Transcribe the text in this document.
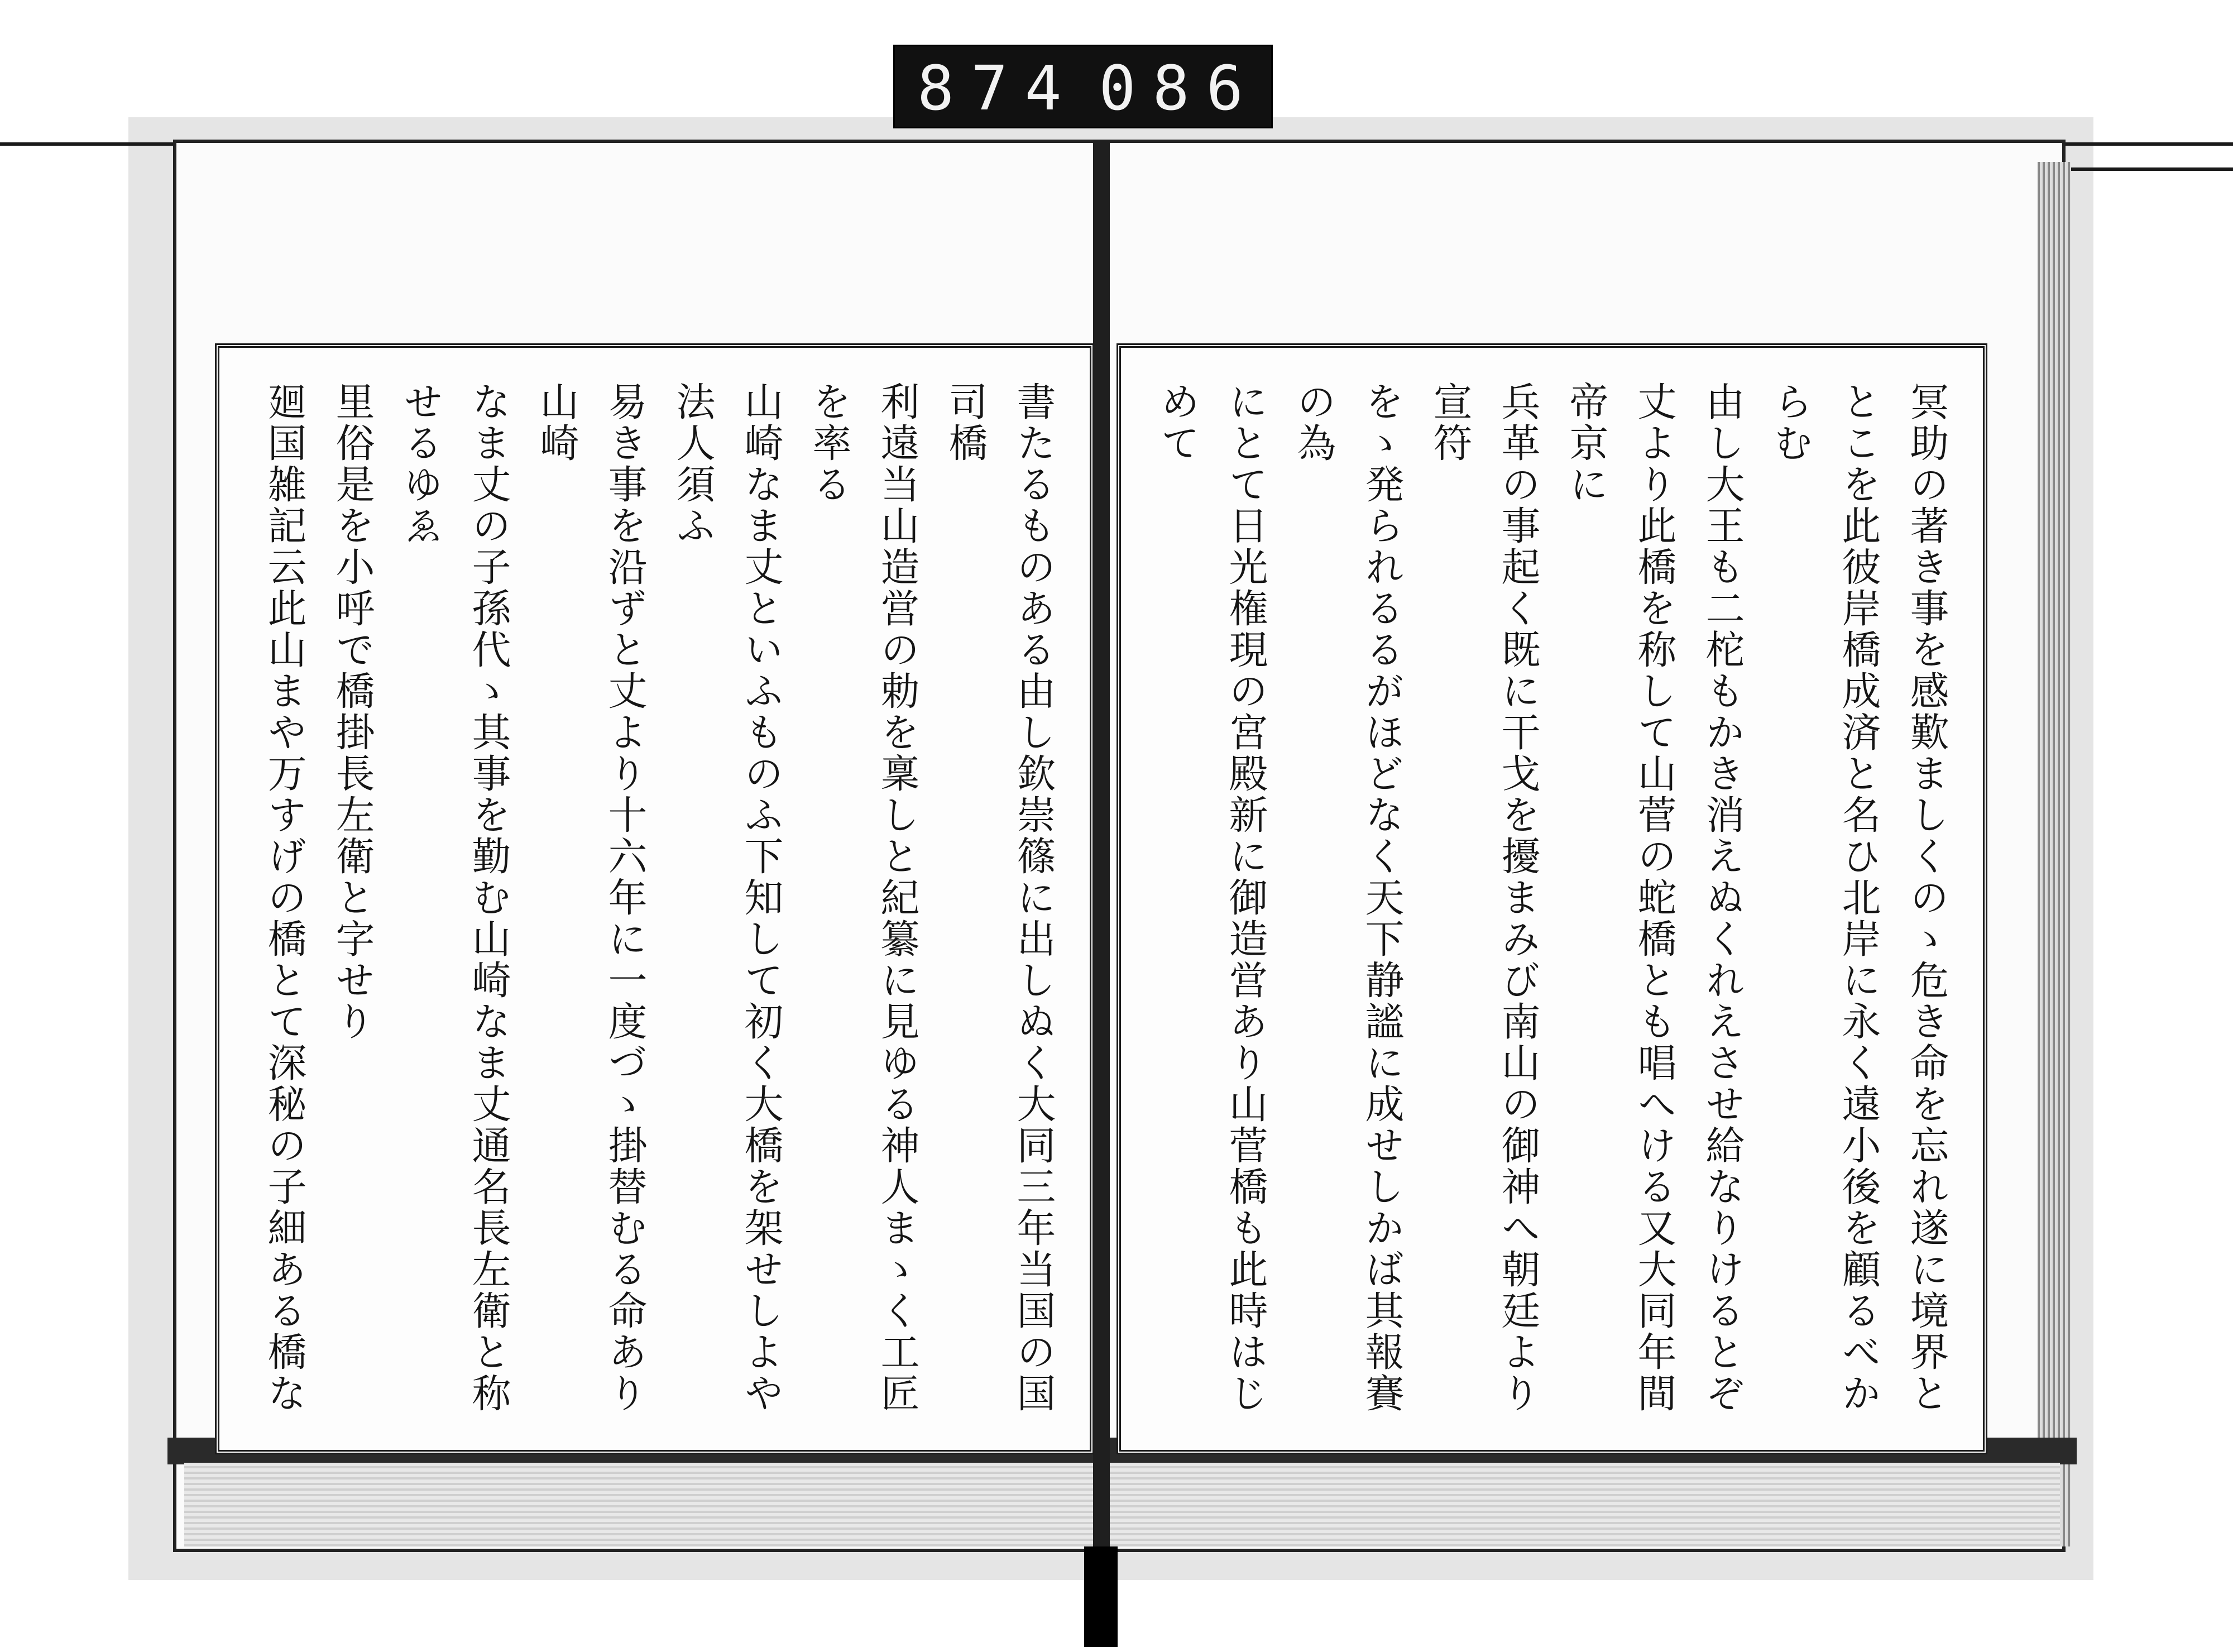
874 086
冥助の著き事を感歎ましくのゝ危き命を忘れ遂に境界と
とこを此彼岸橋成済と名ひ北岸に永く遠小後を顧るべからむ
由し大王も二柁もかき消えぬくれえさせ給なりけるとぞ
丈より此橋を称して山菅の蛇橋とも唱へける又大同年間帝京に
兵革の事起く既に干戈を擾まみび南山の御神へ朝廷より宣符
をゝ発られるるがほどなく天下静謐に成せしかば其報賽の為
にとて日光権現の宮殿新に御造営あり山菅橋も此時はじめて
書たるものある由し欽崇篠に出しぬく大同三年当国の国司橋
利遠当山造営の勅を稟しと紀纂に見ゆる神人まゝく工匠を率る
山崎なま丈といふものふ下知して初く大橋を架せしよや法人須ふ
易き事を沿ずと丈より十六年に一度づゝ掛替むる命あり山崎
なま丈の子孫代ゝ其事を勤む山崎なま丈通名長左衛と称せるゆゑ
里俗是を小呼で橋掛長左衛と字せり
廻国雑記云此山まや万すげの橋とて深秘の子細ある橋な
